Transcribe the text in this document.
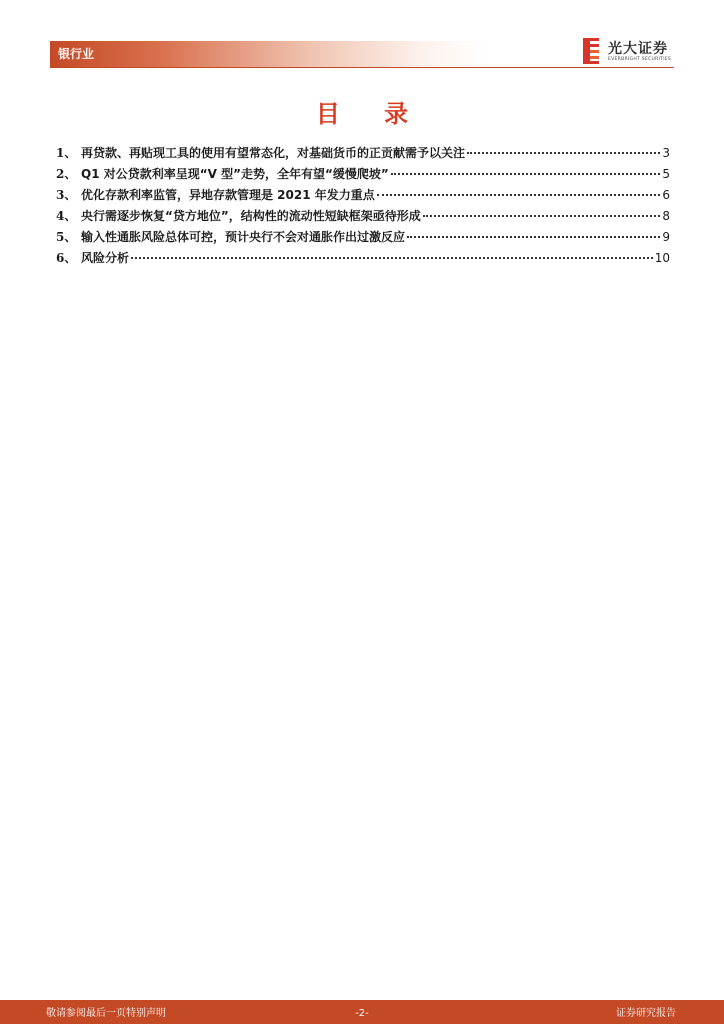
银行业	光大证券
EVERBRIGHT SECURITIES
目 录
1、 再贷款、再贴现工具的使用有望常态化，对基础货币的正贡献需予以关注	3
2、 Q1 对公贷款利率呈现“V 型”走势，全年有望“缓慢爬坡”	5
3、 优化存款利率监管，异地存款管理是 2021 年发力重点	6
4、 央行需逐步恢复“贷方地位”，结构性的流动性短缺框架亟待形成	8
5、 输入性通胀风险总体可控，预计央行不会对通胀作出过激反应	9
6、 风险分析	10
敬请参阅最后一页特别声明	-2-	证券研究报告
